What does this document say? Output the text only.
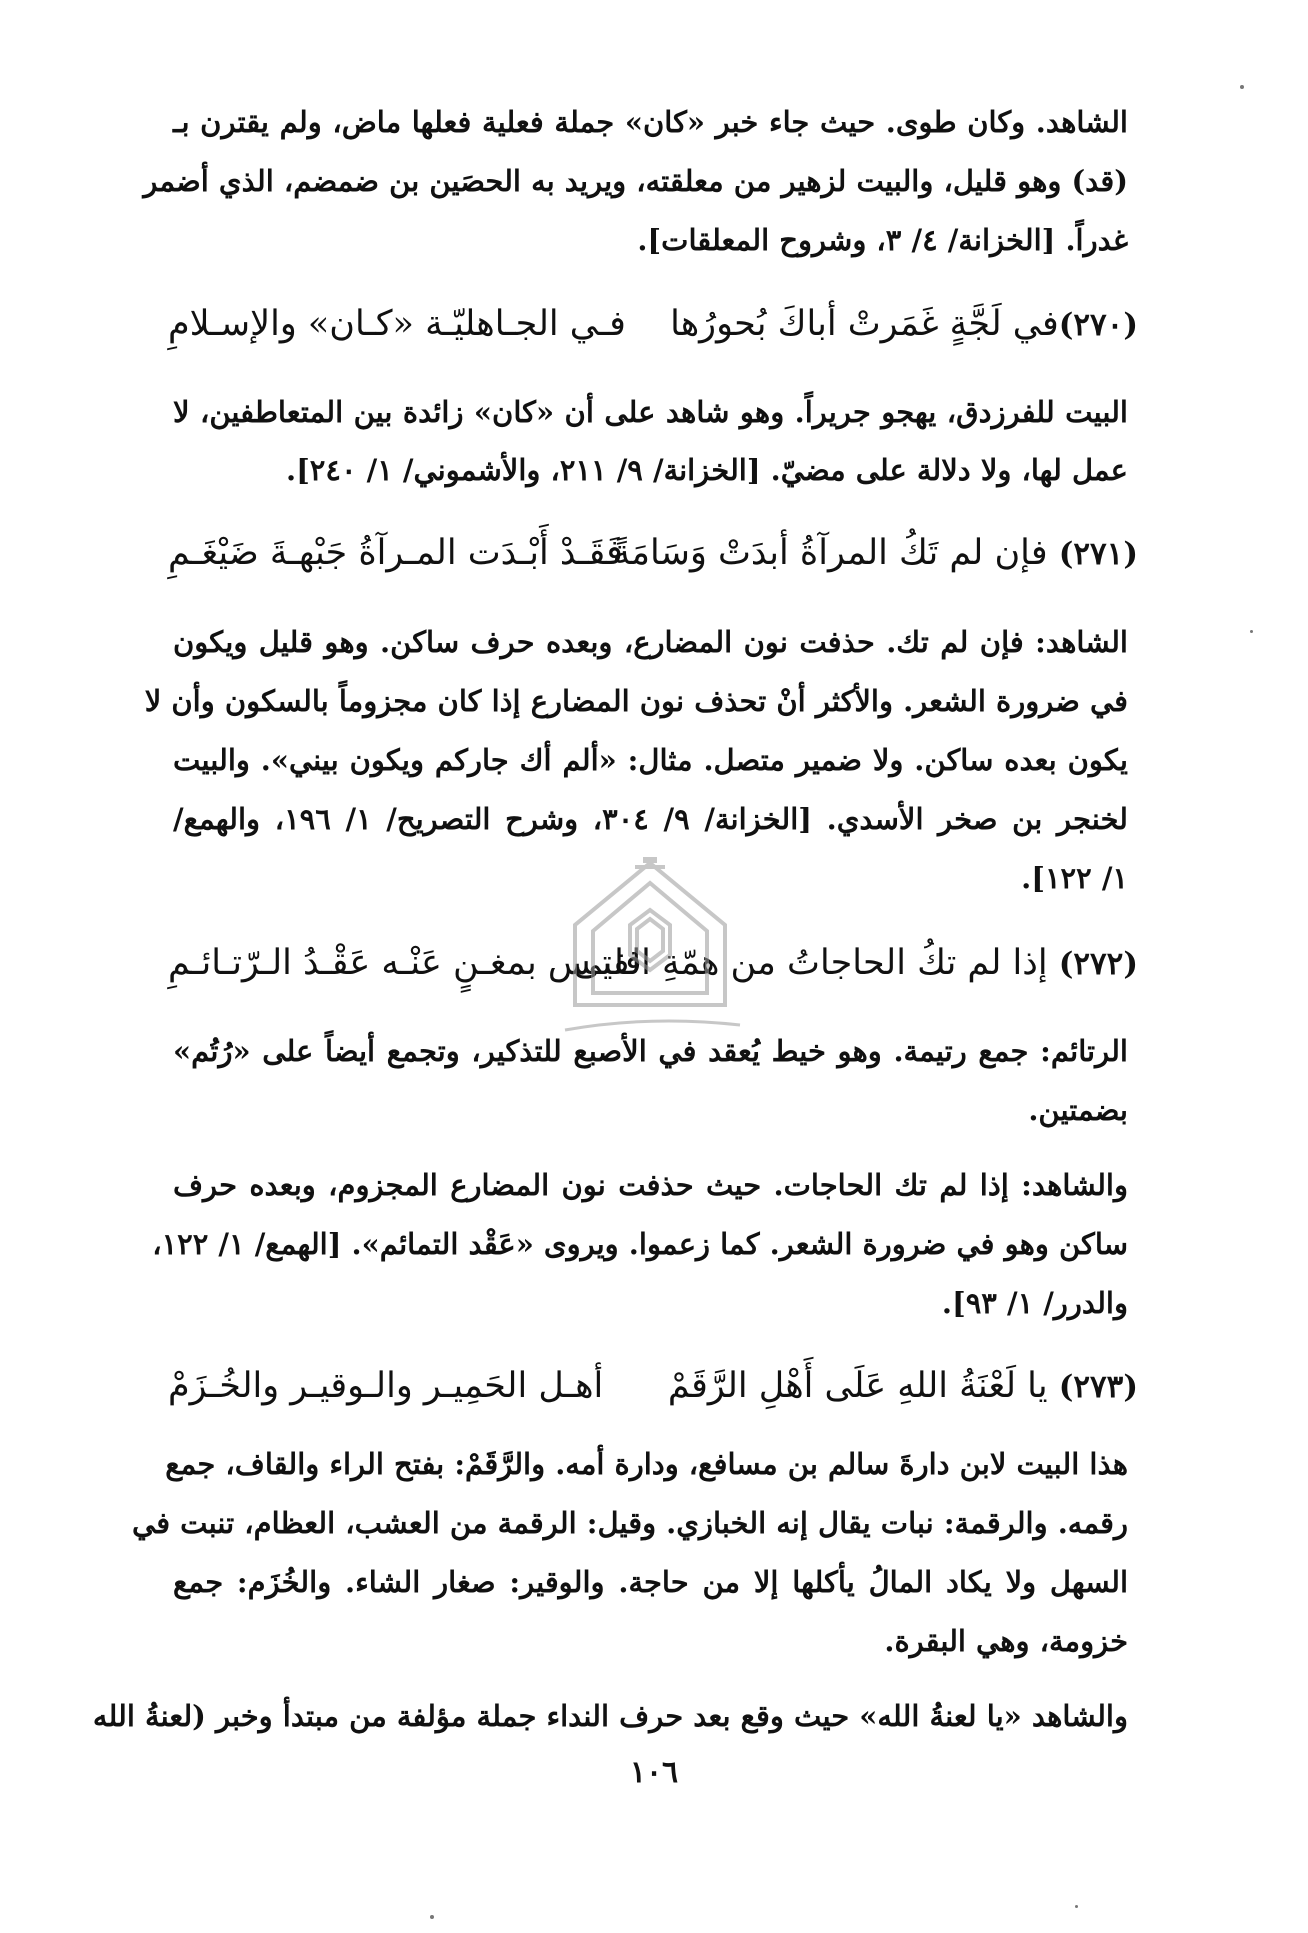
الشاهد. وكان طوى. حيث جاء خبر «كان» جملة فعلية فعلها ماض، ولم يقترن بـ
(قد) وهو قليل، والبيت لزهير من معلقته، ويريد به الحصَين بن ضمضم، الذي أضمر
غدراً. [الخزانة/ ٤/ ٣، وشروح المعلقات].
(٢٧٠)في لَجَّةٍ غَمَرتْ أباكَ بُحورُها
فـي الجـاهليّـة «كـان» والإسـلامِ
البيت للفرزدق، يهجو جريراً. وهو شاهد على أن «كان» زائدة بين المتعاطفين، لا
عمل لها، ولا دلالة على مضيّ. [الخزانة/ ٩/ ٢١١، والأشموني/ ١/ ٢٤٠].
(٢٧١) فإن لم تَكُ المرآةُ أبدَتْ وَسَامَةً
فَقَـدْ أَبْـدَت المـرآةُ جَبْهـةَ ضَيْغَـمِ
الشاهد: فإن لم تك. حذفت نون المضارع، وبعده حرف ساكن. وهو قليل ويكون
في ضرورة الشعر. والأكثر أنْ تحذف نون المضارع إذا كان مجزوماً بالسكون وأن لا
يكون بعده ساكن. ولا ضمير متصل. مثال: «ألم أك جاركم ويكون بيني». والبيت
لخنجر بن صخر الأسدي. [الخزانة/ ٩/ ٣٠٤، وشرح التصريح/ ١/ ١٩٦، والهمع/
١/ ١٢٢].
(٢٧٢) إذا لم تكُ الحاجاتُ من همّةِ الفتى
فليـس بمغـنٍ عَنْـه عَقْـدُ الـرّتـائـمِ
الرتائم: جمع رتيمة. وهو خيط يُعقد في الأصبع للتذكير، وتجمع أيضاً على «رُتُم»
بضمتين.
والشاهد: إذا لم تك الحاجات. حيث حذفت نون المضارع المجزوم، وبعده حرف
ساكن وهو في ضرورة الشعر. كما زعموا. ويروى «عَقْد التمائم». [الهمع/ ١/ ١٢٢،
والدرر/ ١/ ٩٣].
(٢٧٣) يا لَعْنَةُ اللهِ عَلَى أَهْلِ الرَّقَمْ
أهـل الحَمِيـر والـوقيـر والخُـزَمْ
هذا البيت لابن دارةَ سالم بن مسافع، ودارة أمه. والرَّقَمْ: بفتح الراء والقاف، جمع
رقمه. والرقمة: نبات يقال إنه الخبازي. وقيل: الرقمة من العشب، العظام، تنبت في
السهل ولا يكاد المالُ يأكلها إلا من حاجة. والوقير: صغار الشاء. والخُزَم: جمع
خزومة، وهي البقرة.
والشاهد «يا لعنةُ الله» حيث وقع بعد حرف النداء جملة مؤلفة من مبتدأ وخبر (لعنةُ الله
١٠٦
